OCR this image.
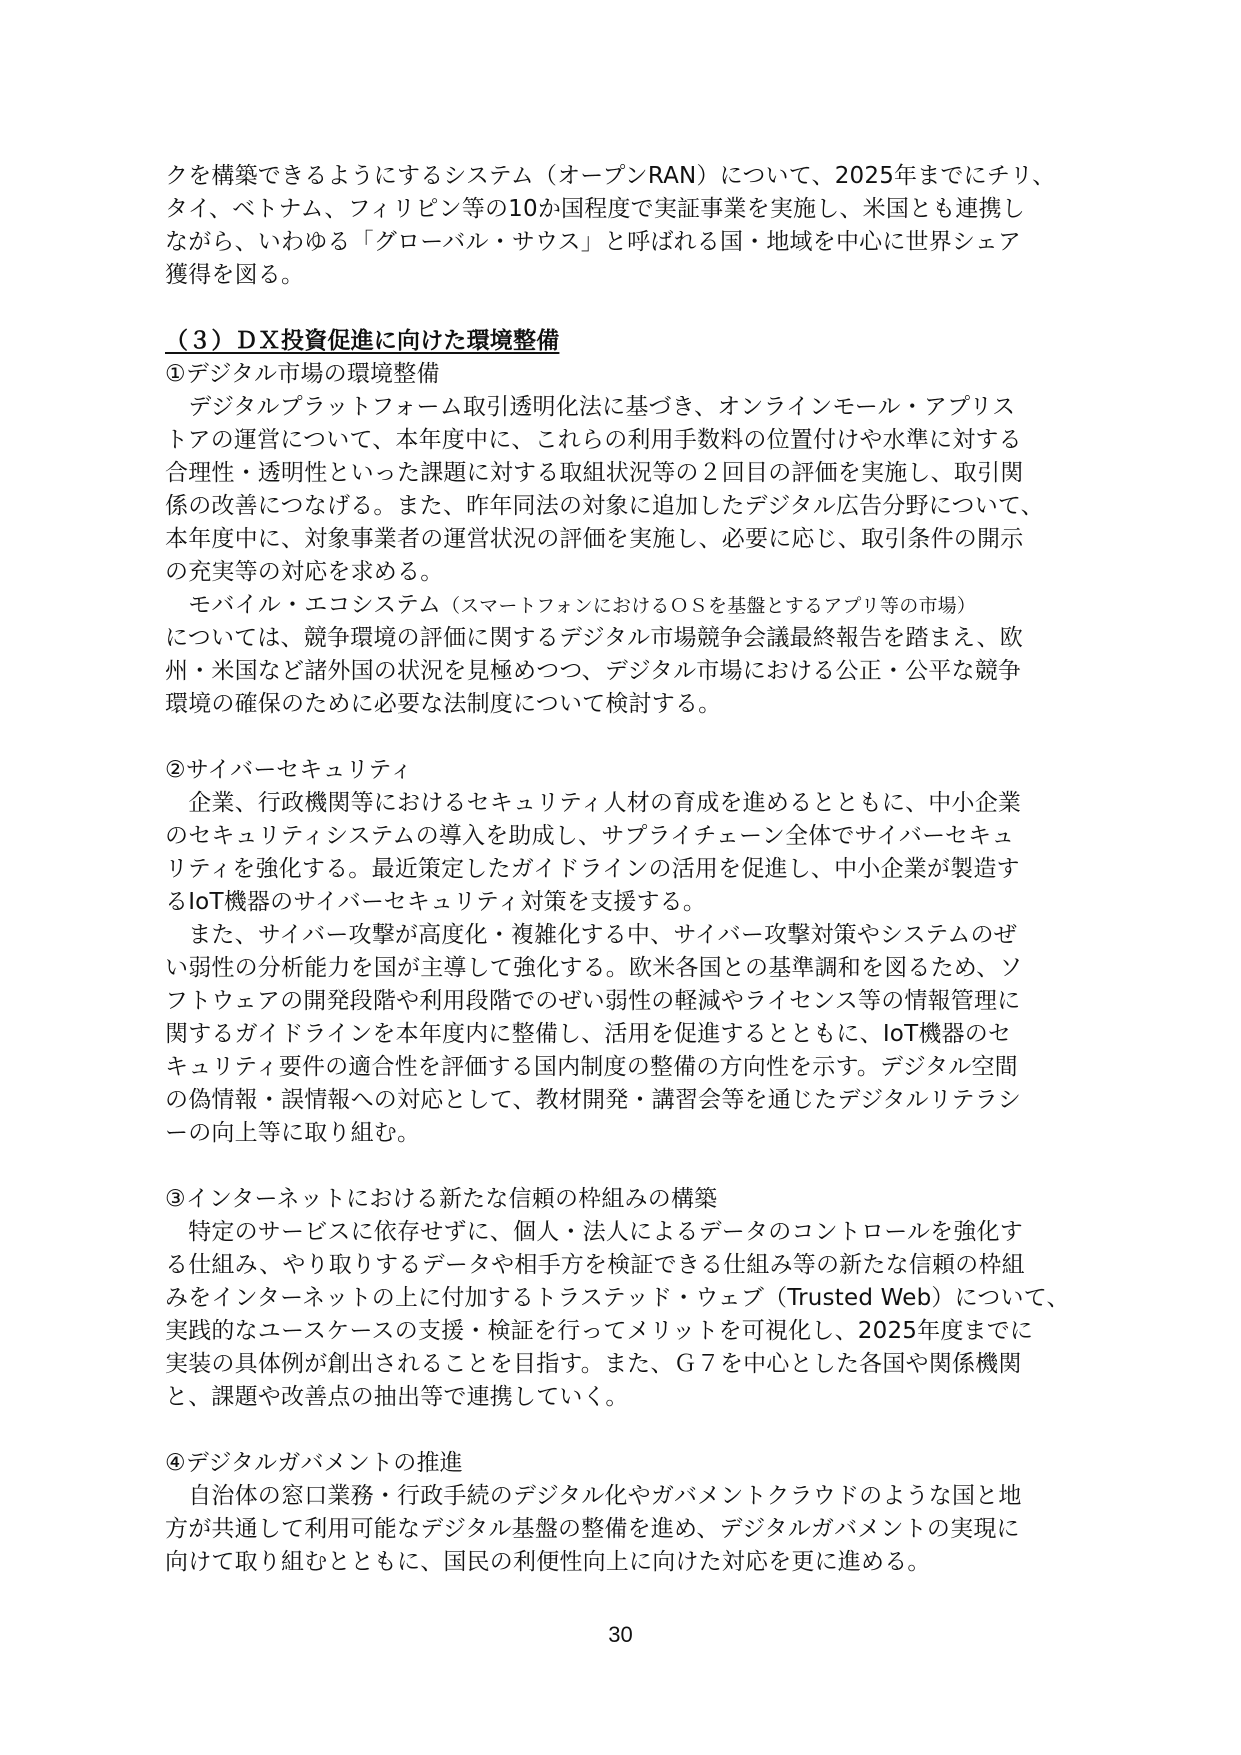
クを構築できるようにするシステム（オープンRAN）について、2025年までにチリ、
タイ、ベトナム、フィリピン等の10か国程度で実証事業を実施し、米国とも連携し
ながら、いわゆる「グローバル・サウス」と呼ばれる国・地域を中心に世界シェア
獲得を図る。
（３）ＤＸ投資促進に向けた環境整備
①デジタル市場の環境整備
　デジタルプラットフォーム取引透明化法に基づき、オンラインモール・アプリス
トアの運営について、本年度中に、これらの利用手数料の位置付けや水準に対する
合理性・透明性といった課題に対する取組状況等の２回目の評価を実施し、取引関
係の改善につなげる。また、昨年同法の対象に追加したデジタル広告分野について、
本年度中に、対象事業者の運営状況の評価を実施し、必要に応じ、取引条件の開示
の充実等の対応を求める。
　モバイル・エコシステム（スマートフォンにおけるＯＳを基盤とするアプリ等の市場）
については、競争環境の評価に関するデジタル市場競争会議最終報告を踏まえ、欧
州・米国など諸外国の状況を見極めつつ、デジタル市場における公正・公平な競争
環境の確保のために必要な法制度について検討する。
②サイバーセキュリティ
　企業、行政機関等におけるセキュリティ人材の育成を進めるとともに、中小企業
のセキュリティシステムの導入を助成し、サプライチェーン全体でサイバーセキュ
リティを強化する。最近策定したガイドラインの活用を促進し、中小企業が製造す
るIoT機器のサイバーセキュリティ対策を支援する。
　また、サイバー攻撃が高度化・複雑化する中、サイバー攻撃対策やシステムのぜ
い弱性の分析能力を国が主導して強化する。欧米各国との基準調和を図るため、ソ
フトウェアの開発段階や利用段階でのぜい弱性の軽減やライセンス等の情報管理に
関するガイドラインを本年度内に整備し、活用を促進するとともに、IoT機器のセ
キュリティ要件の適合性を評価する国内制度の整備の方向性を示す。デジタル空間
の偽情報・誤情報への対応として、教材開発・講習会等を通じたデジタルリテラシ
ーの向上等に取り組む。
③インターネットにおける新たな信頼の枠組みの構築
　特定のサービスに依存せずに、個人・法人によるデータのコントロールを強化す
る仕組み、やり取りするデータや相手方を検証できる仕組み等の新たな信頼の枠組
みをインターネットの上に付加するトラステッド・ウェブ（Trusted Web）について、
実践的なユースケースの支援・検証を行ってメリットを可視化し、2025年度までに
実装の具体例が創出されることを目指す。また、Ｇ７を中心とした各国や関係機関
と、課題や改善点の抽出等で連携していく。
④デジタルガバメントの推進
　自治体の窓口業務・行政手続のデジタル化やガバメントクラウドのような国と地
方が共通して利用可能なデジタル基盤の整備を進め、デジタルガバメントの実現に
向けて取り組むとともに、国民の利便性向上に向けた対応を更に進める。
30
